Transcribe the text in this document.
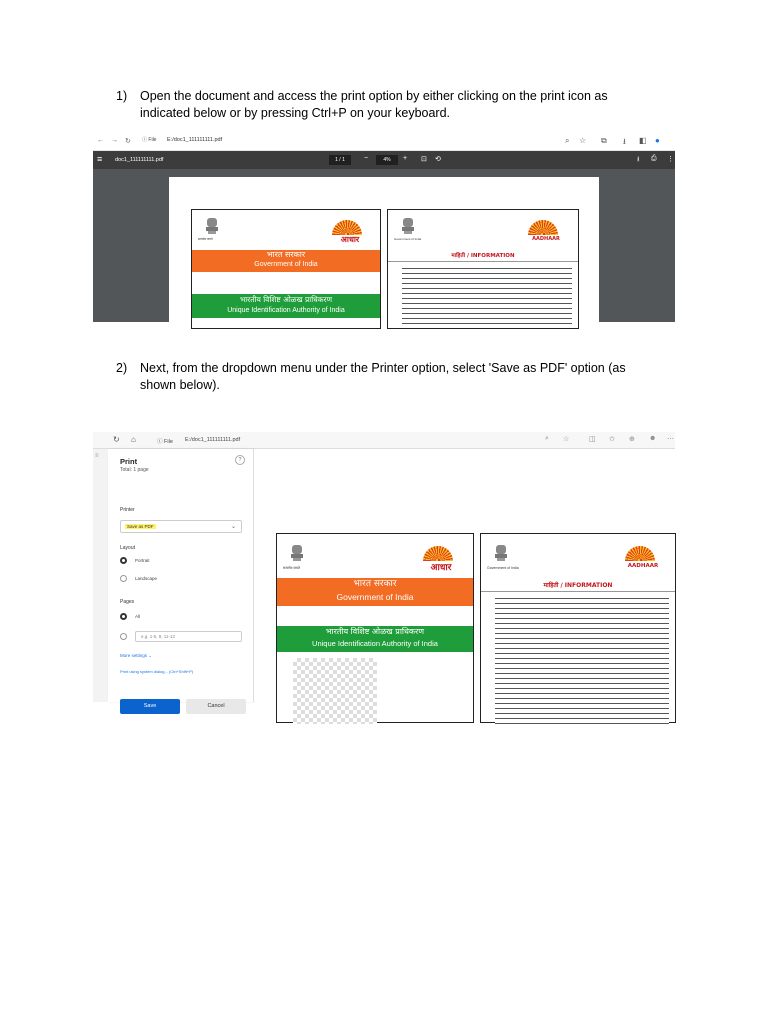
1) Open the document and access the print option by either clicking on the print icon as indicated below or by pressing Ctrl+P on your keyboard.
← → ↻ ⓘ File E:/doc1_111111111.pdf	⌕ ☆ ⧉ ⭳ ◧ ●
≡ doc1_111111111.pdf	1 / 1	−	4%	+ ⊡ ⟲	⭳ ⎙ ⋮
सत्यमेव जयते	आधार
भारत सरकार
Government of India
भारतीय विशिष्ट ओळख प्राधिकरण
Unique Identification Authority of India
Government of India	AADHAAR
माहिती / INFORMATION
2) Next, from the dropdown menu under the Printer option, select 'Save as PDF' option (as shown below).
↻ ⌂	ⓘ File E:/doc1_111111111.pdf	⌕ ☆	◫ ✩ ⊕ ☻ ⋯
≡
Print
Total: 1 page
?
Printer
Save as PDF	⌄
Layout
Portrait
Landscape
Pages
All
e.g. 1-5, 8, 11-13
More settings ⌄
Print using system dialog... (Ctrl+Shift+P)
Save	Cancel
सत्यमेव जयते	आधार
भारत सरकार
Government of India
भारतीय विशिष्ट ओळख प्राधिकरण
Unique Identification Authority of India
Government of India	AADHAAR
माहिती / INFORMATION
